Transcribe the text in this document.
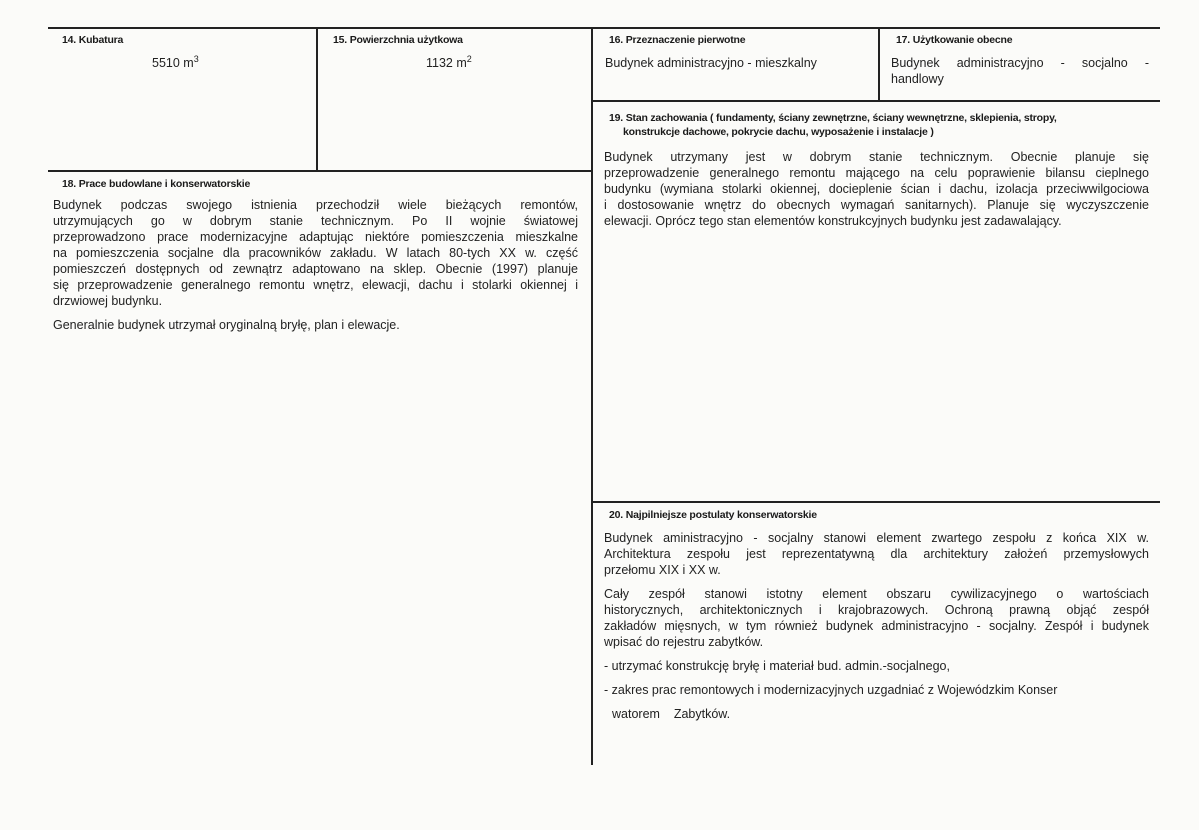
14. Kubatura
5510 $m^3$
15. Powierzchnia użytkowa
1132 $m^2$
16. Przeznaczenie pierwotne
Budynek administracyjno - mieszkalny
17. Użytkowanie obecne
Budynek administracyjno - socjalno -
handlowy
18. Prace budowlane i konserwatorskie
Budynek podczas swojego istnienia przechodził wiele bieżących remontów,
utrzymujących go w dobrym stanie technicznym. Po II wojnie światowej
przeprowadzono prace modernizacyjne adaptując niektóre pomieszczenia mieszkalne
na pomieszczenia socjalne dla pracowników zakładu. W latach 80-tych XX w. część
pomieszczeń dostępnych od zewnątrz adaptowano na sklep. Obecnie (1997) planuje
się przeprowadzenie generalnego remontu wnętrz, elewacji, dachu i stolarki okiennej i
drzwiowej budynku.
Generalnie budynek utrzymał oryginalną bryłę, plan i elewacje.
19. Stan zachowania ( fundamenty, ściany zewnętrzne, ściany wewnętrzne, sklepienia, stropy,
konstrukcje dachowe, pokrycie dachu, wyposażenie i instalacje )
Budynek utrzymany jest w dobrym stanie technicznym. Obecnie planuje się
przeprowadzenie generalnego remontu mającego na celu poprawienie bilansu cieplnego
budynku (wymiana stolarki okiennej, docieplenie ścian i dachu, izolacja przeciwwilgociowa
i dostosowanie wnętrz do obecnych wymagań sanitarnych). Planuje się wyczyszczenie
elewacji. Oprócz tego stan elementów konstrukcyjnych budynku jest zadawalający.
20. Najpilniejsze postulaty konserwatorskie
Budynek aministracyjno - socjalny stanowi element zwartego zespołu z końca XIX w.
Architektura zespołu jest reprezentatywną dla architektury założeń przemysłowych
przełomu XIX i XX w.
Cały zespół stanowi istotny element obszaru cywilizacyjnego o wartościach
historycznych, architektonicznych i krajobrazowych. Ochroną prawną objąć zespół
zakładów mięsnych, w tym również budynek administracyjno - socjalny. Zespół i budynek
wpisać do rejestru zabytków.
- utrzymać konstrukcję bryłę i materiał bud. admin.-socjalnego,
- zakres prac remontowych i modernizacyjnych uzgadniać z Wojewódzkim Konser
watorem    Zabytków.
